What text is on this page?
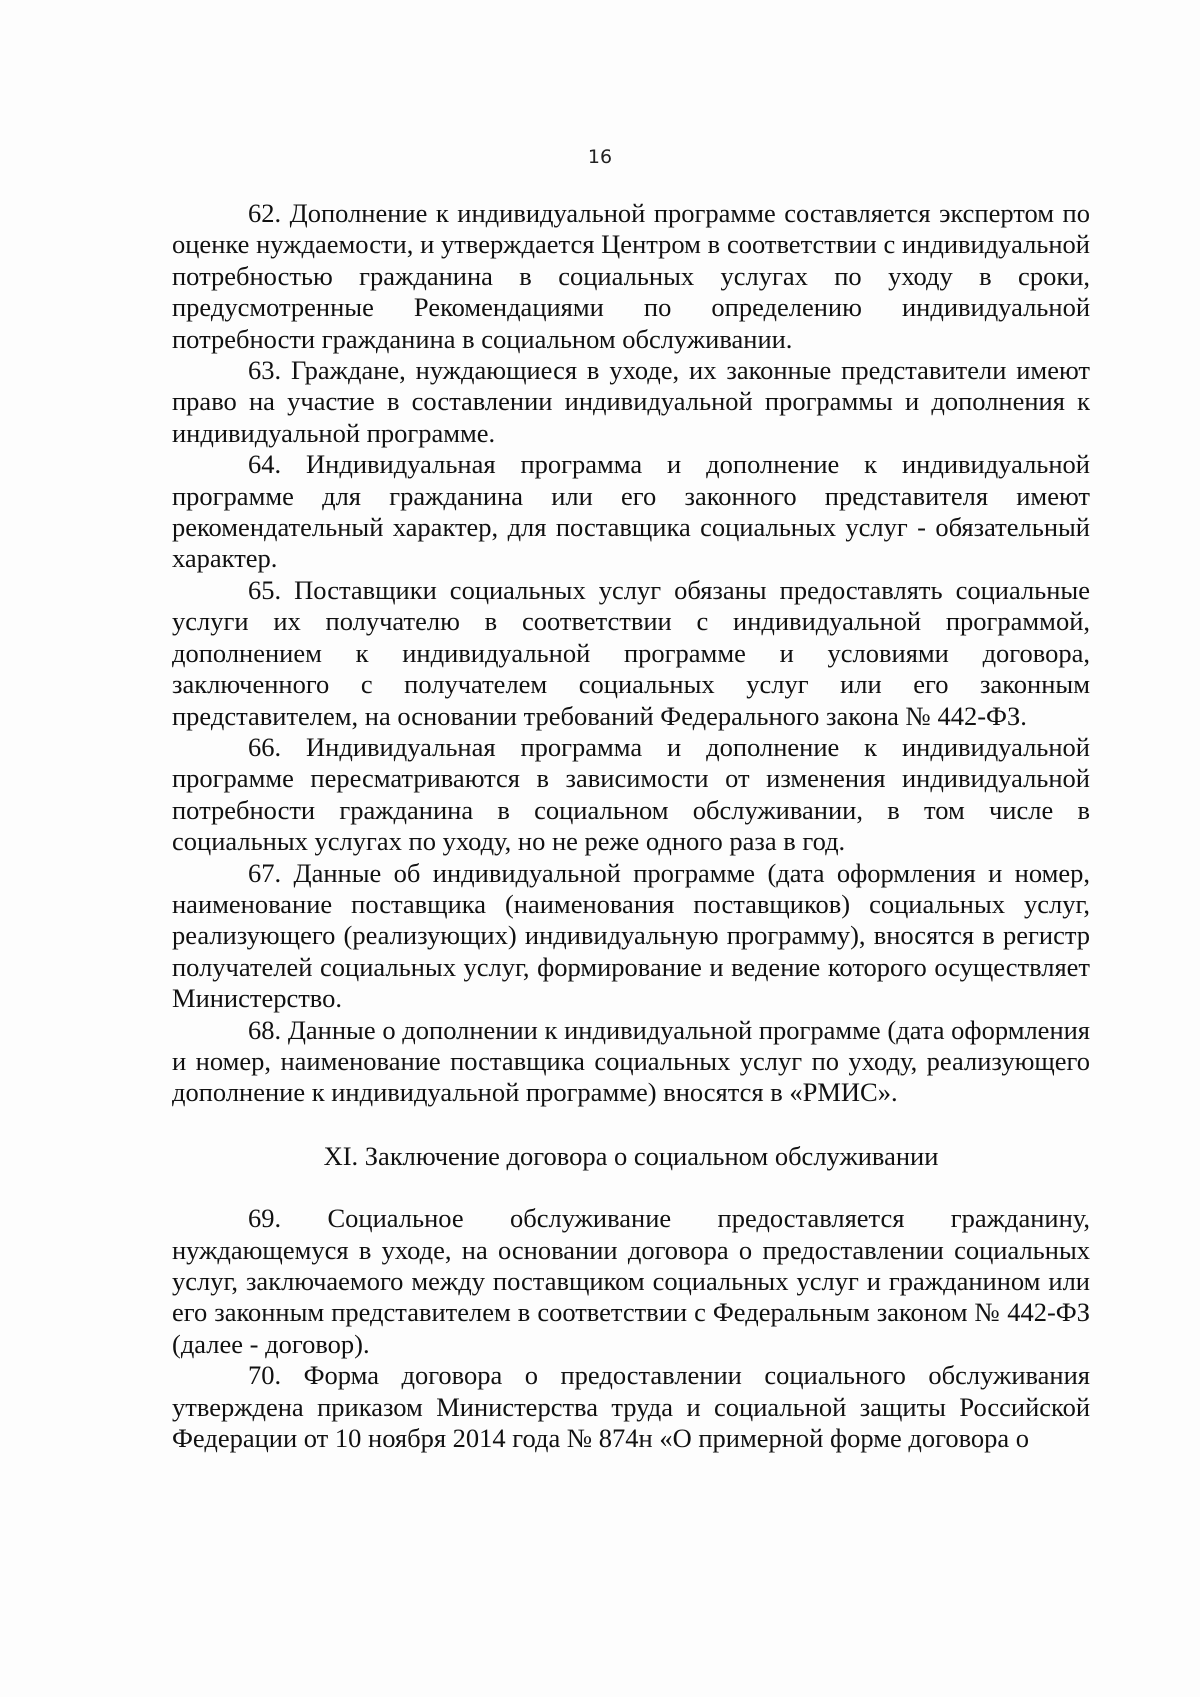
16

62. Дополнение к индивидуальной программе составляется экспертом по оценке нуждаемости, и утверждается Центром в соответствии с индивидуальной потребностью гражданина в социальных услугах по уходу в сроки, предусмотренные Рекомендациями по определению индивидуальной потребности гражданина в социальном обслуживании.

63. Граждане, нуждающиеся в уходе, их законные представители имеют право на участие в составлении индивидуальной программы и дополнения к индивидуальной программе.

64. Индивидуальная программа и дополнение к индивидуальной программе для гражданина или его законного представителя имеют рекомендательный характер, для поставщика социальных услуг - обязательный характер.

65. Поставщики социальных услуг обязаны предоставлять социальные услуги их получателю в соответствии с индивидуальной программой, дополнением к индивидуальной программе и условиями договора, заключенного с получателем социальных услуг или его законным представителем, на основании требований Федерального закона № 442-ФЗ.

66. Индивидуальная программа и дополнение к индивидуальной программе пересматриваются в зависимости от изменения индивидуальной потребности гражданина в социальном обслуживании, в том числе в социальных услугах по уходу, но не реже одного раза в год.

67. Данные об индивидуальной программе (дата оформления и номер, наименование поставщика (наименования поставщиков) социальных услуг, реализующего (реализующих) индивидуальную программу), вносятся в регистр получателей социальных услуг, формирование и ведение которого осуществляет Министерство.

68. Данные о дополнении к индивидуальной программе (дата оформления и номер, наименование поставщика социальных услуг по уходу, реализующего дополнение к индивидуальной программе) вносятся в «РМИС».

XI. Заключение договора о социальном обслуживании

69. Социальное обслуживание предоставляется гражданину, нуждающемуся в уходе, на основании договора о предоставлении социальных услуг, заключаемого между поставщиком социальных услуг и гражданином или его законным представителем в соответствии с Федеральным законом № 442-ФЗ (далее - договор).

70. Форма договора о предоставлении социального обслуживания утверждена приказом Министерства труда и социальной защиты Российской Федерации от 10 ноября 2014 года № 874н «О примерной форме договора о
